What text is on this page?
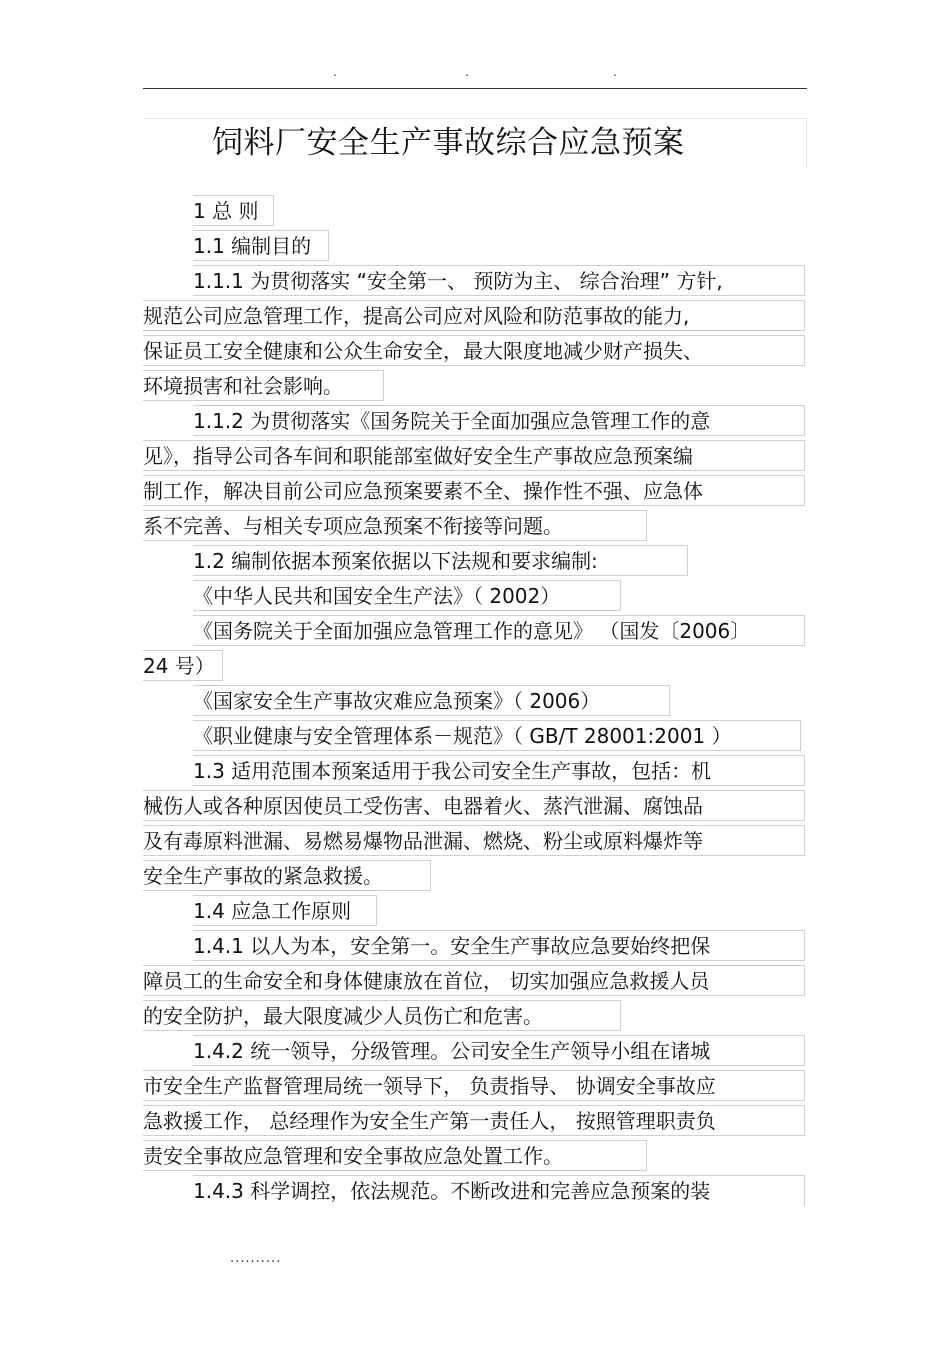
.	.	.
饲料厂安全生产事故综合应急预案
1 总 则
1.1 编制目的
1.1.1 为贯彻落实 “安全第一、 预防为主、 综合治理” 方针,
规范公司应急管理工作，提高公司应对风险和防范事故的能力,
保证员工安全健康和公众生命安全，最大限度地减少财产损失、
环境损害和社会影响。
1.1.2 为贯彻落实《国务院关于全面加强应急管理工作的意
见》，指导公司各车间和职能部室做好安全生产事故应急预案编
制工作，解决目前公司应急预案要素不全、操作性不强、应急体
系不完善、与相关专项应急预案不衔接等问题。
1.2 编制依据本预案依据以下法规和要求编制:
《中华人民共和国安全生产法》（ 2002）
《国务院关于全面加强应急管理工作的意见》 （国发〔2006〕
24 号）
《国家安全生产事故灾难应急预案》（ 2006）
《职业健康与安全管理体系－规范》（ GB/T 28001:2001 ）
1.3 适用范围本预案适用于我公司安全生产事故，包括：机
械伤人或各种原因使员工受伤害、电器着火、蒸汽泄漏、腐蚀品
及有毒原料泄漏、易燃易爆物品泄漏、燃烧、粉尘或原料爆炸等
安全生产事故的紧急救援。
1.4 应急工作原则
1.4.1 以人为本，安全第一。安全生产事故应急要始终把保
障员工的生命安全和身体健康放在首位， 切实加强应急救援人员
的安全防护，最大限度减少人员伤亡和危害。
1.4.2 统一领导，分级管理。公司安全生产领导小组在诸城
市安全生产监督管理局统一领导下， 负责指导、 协调安全事故应
急救援工作， 总经理作为安全生产第一责任人， 按照管理职责负
责安全事故应急管理和安全事故应急处置工作。
1.4.3 科学调控，依法规范。不断改进和完善应急预案的装
..........
